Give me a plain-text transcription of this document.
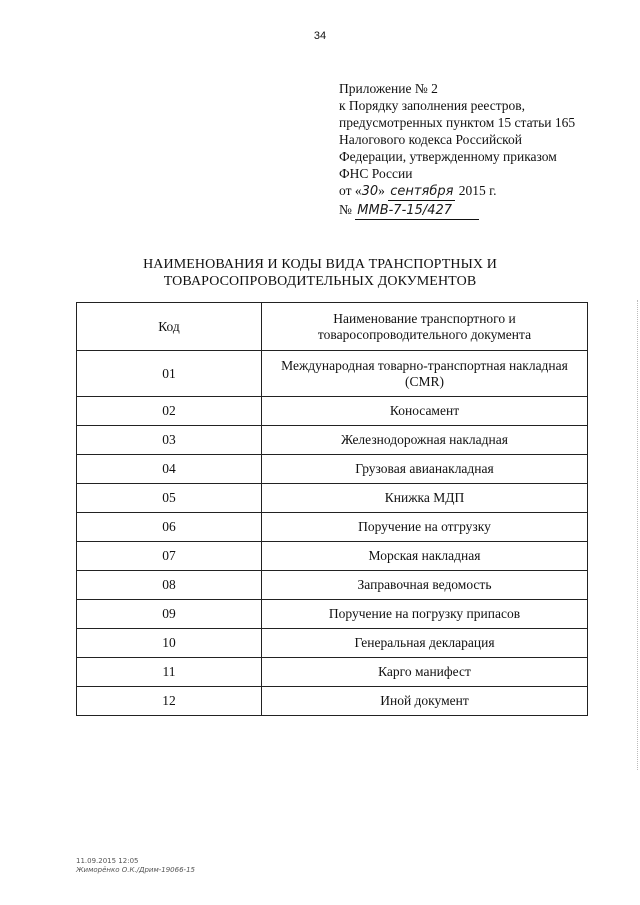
34
Приложение № 2
к Порядку заполнения реестров,
предусмотренных пунктом 15 статьи 165
Налогового кодекса Российской
Федерации, утвержденному приказом
ФНС России
от «30» сентября 2015 г.
№ ММВ-7-15/427
НАИМЕНОВАНИЯ И КОДЫ ВИДА ТРАНСПОРТНЫХ И
ТОВАРОСОПРОВОДИТЕЛЬНЫХ ДОКУМЕНТОВ
Код	Наименование транспортного и
товаросопроводительного документа

01	Международная товарно-транспортная накладная
(CMR)

02	Коносамент
03	Железнодорожная накладная
04	Грузовая авианакладная
05	Книжка МДП
06	Поручение на отгрузку
07	Морская накладная
08	Заправочная ведомость
09	Поручение на погрузку припасов
10	Генеральная декларация
11	Карго манифест
12	Иной документ
11.09.2015 12:05
Жиморёнко О.К./Дрим-19066-15
